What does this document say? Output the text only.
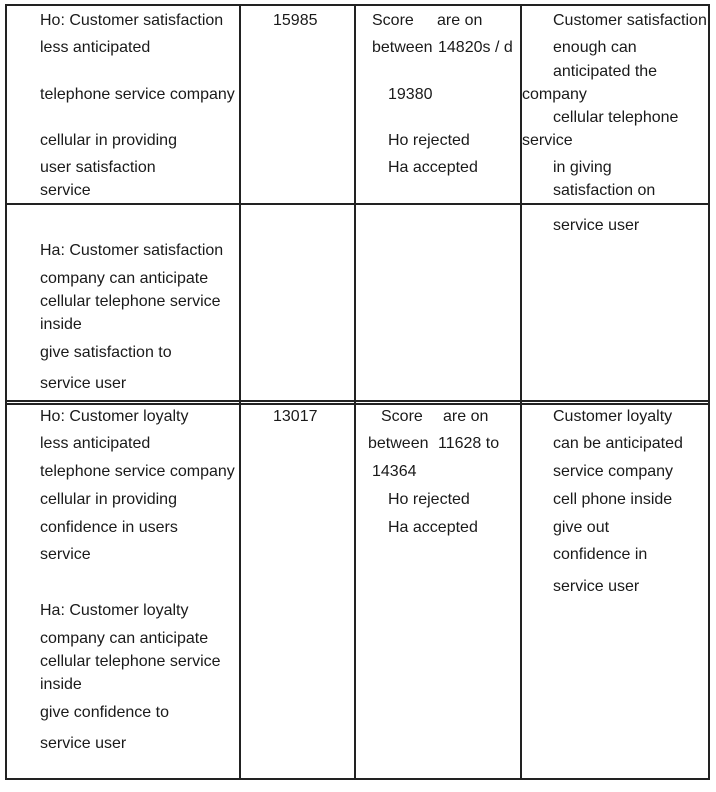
Ho: Customer satisfaction
less anticipated
telephone service company
cellular in providing
user satisfaction
service
Ha: Customer satisfaction
company can anticipate
cellular telephone service
inside
give satisfaction to
service user
15985	Score are on
between 14820s / d
19380
Ho rejected
Ha accepted
Customer satisfaction
enough can
anticipated the
company
cellular telephone
service
in giving
satisfaction on
service user
Ho: Customer loyalty
less anticipated
telephone service company
cellular in providing
confidence in users
service
Ha: Customer loyalty
company can anticipate
cellular telephone service
inside
give confidence to
service user
13017	Score are on
between 11628 to
14364
Ho rejected
Ha accepted
Customer loyalty
can be anticipated
service company
cell phone inside
give out
confidence in
service user
